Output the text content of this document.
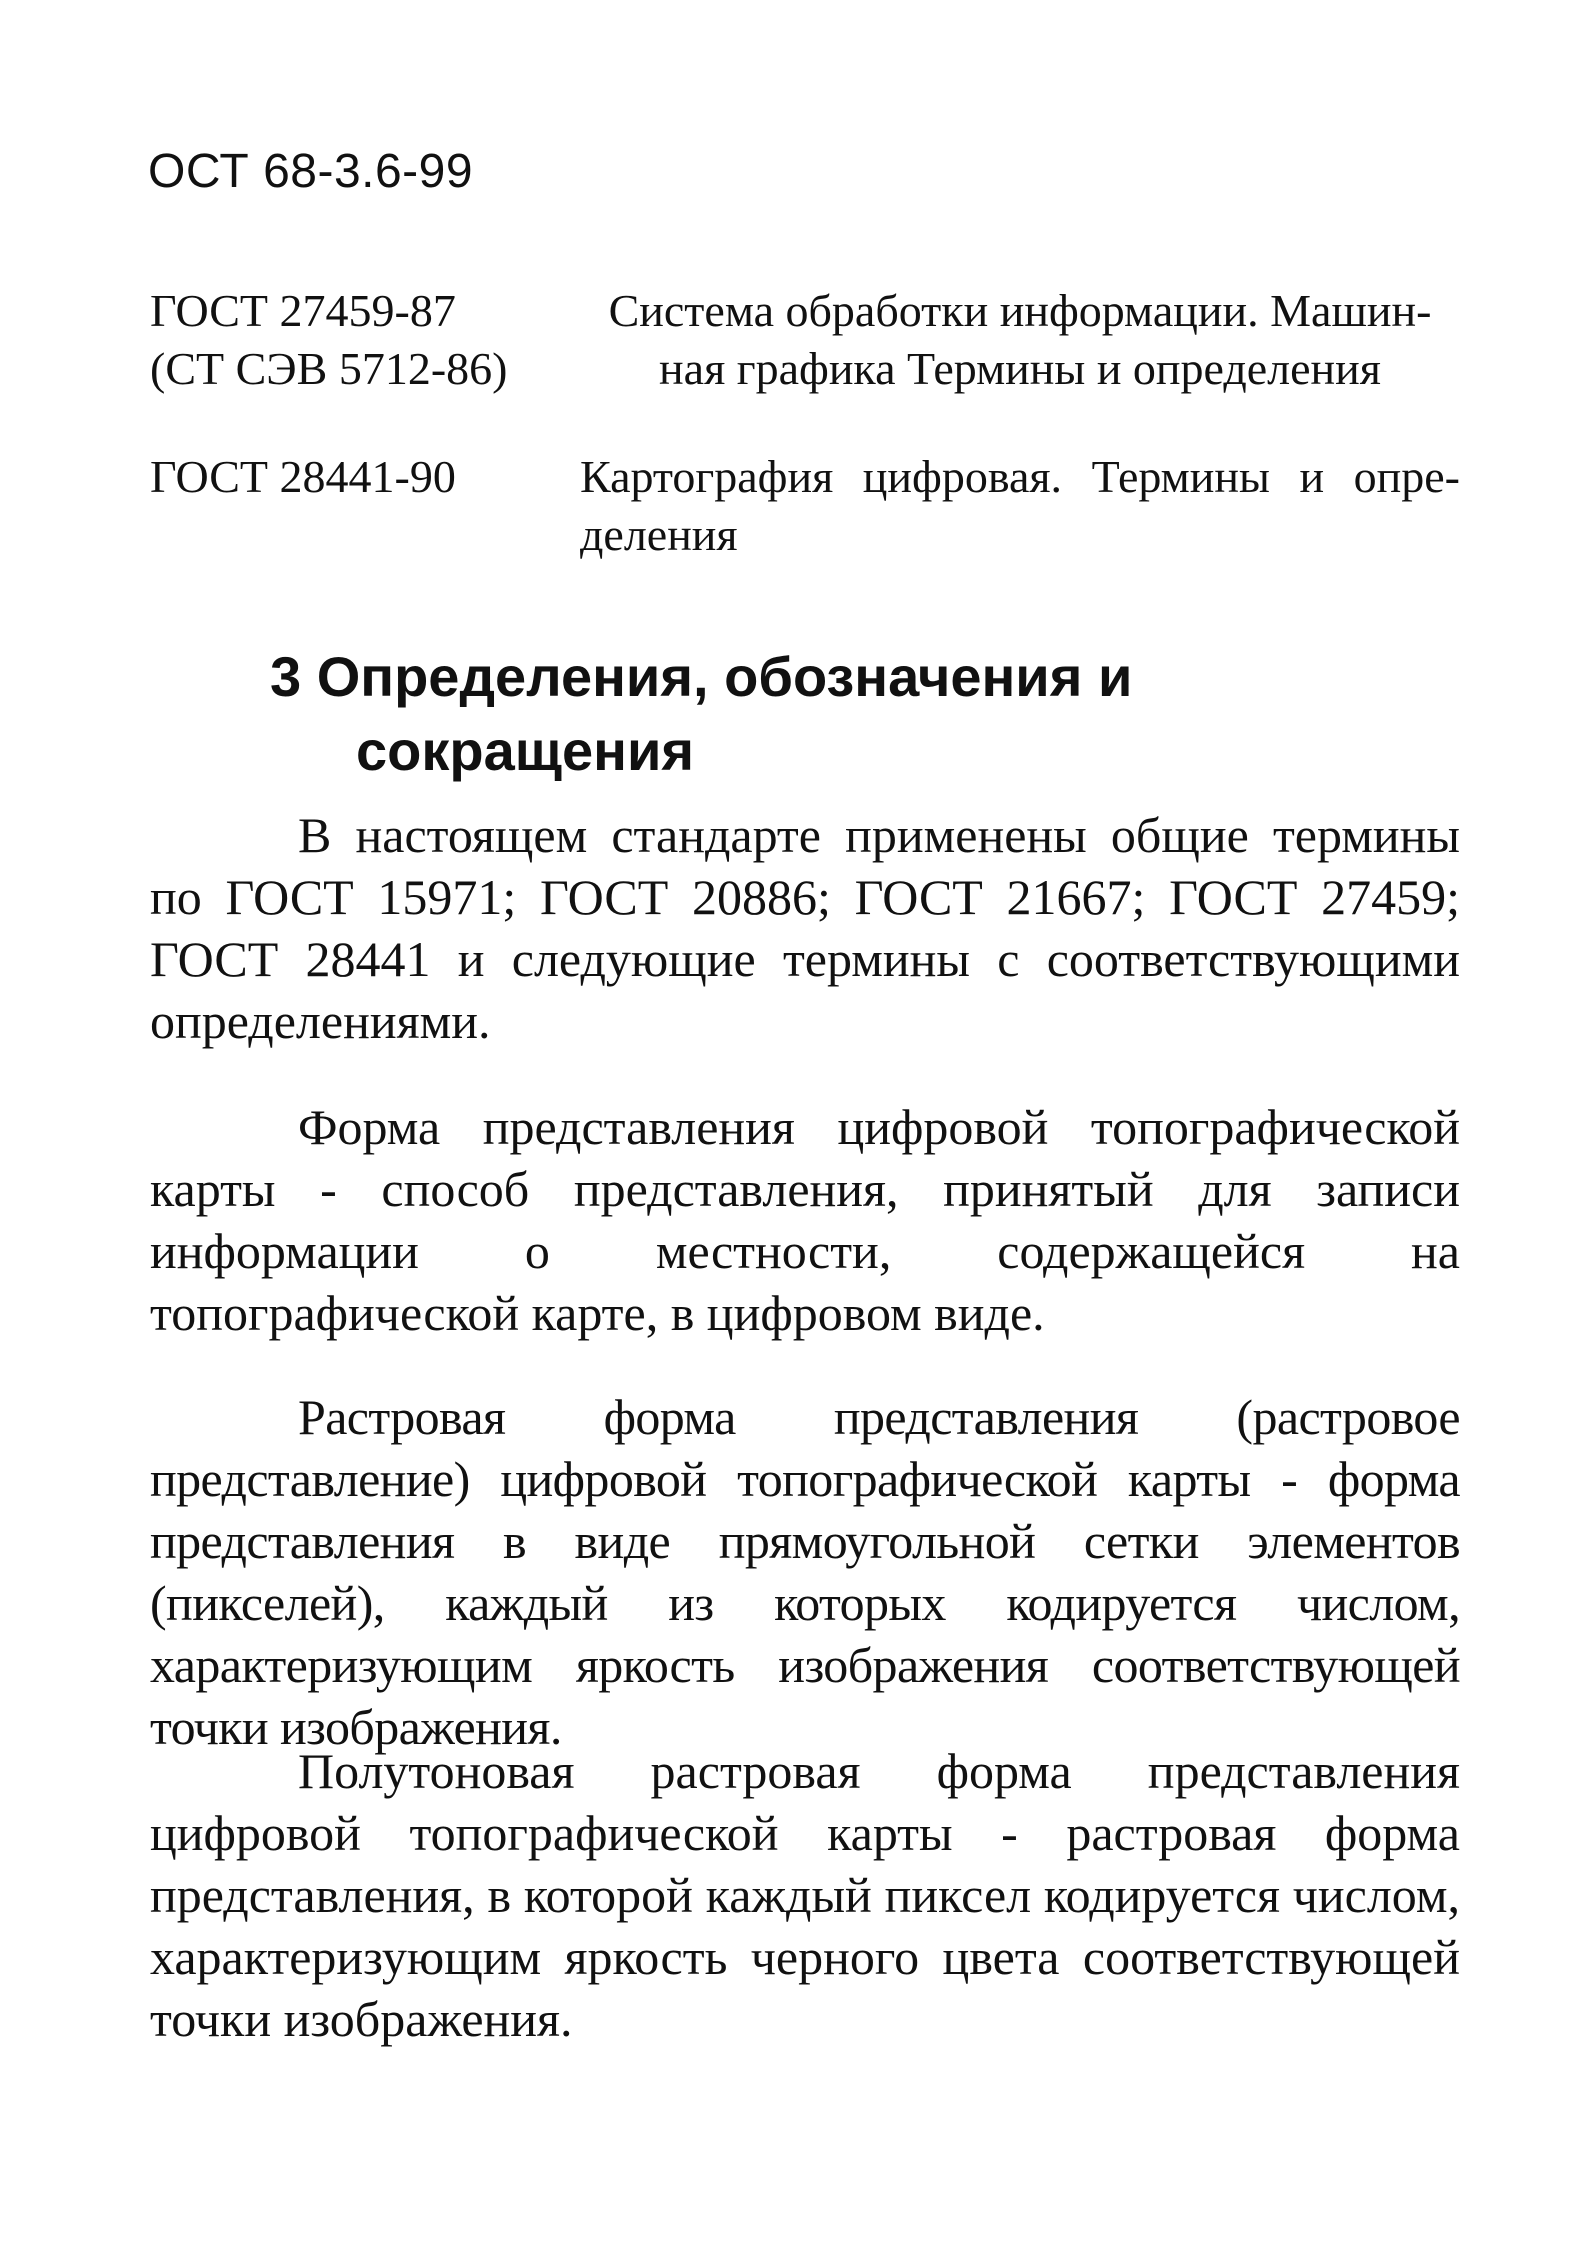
ОСТ 68-3.6-99
ГОСТ 27459-87
(СТ СЭВ 5712-86)
Система обработки информации. Машин-
ная графика Термины и определения
ГОСТ 28441-90	Картография цифровая. Термины и опре-
деления
3 Определения, обозначения и
сокращения
В настоящем стандарте применены общие термины по ГОСТ 15971; ГОСТ 20886; ГОСТ 21667; ГОСТ 27459; ГОСТ 28441 и следующие термины с соответствующими определениями.
Форма представления цифровой топографической карты - способ представления, принятый для записи информации о местности, содержащейся на топографической карте, в цифровом виде.
Растровая форма представления (растровое представление) цифровой топографической карты - форма представления в виде прямоугольной сетки элементов (пикселей), каждый из которых кодируется числом, характеризующим яркость изображения соответствующей точки изображения.
Полутоновая растровая форма представления цифровой топографической карты - растровая форма представления, в которой каждый пиксел кодируется числом, характеризующим яркость черного цвета соответствующей точки изображения.
